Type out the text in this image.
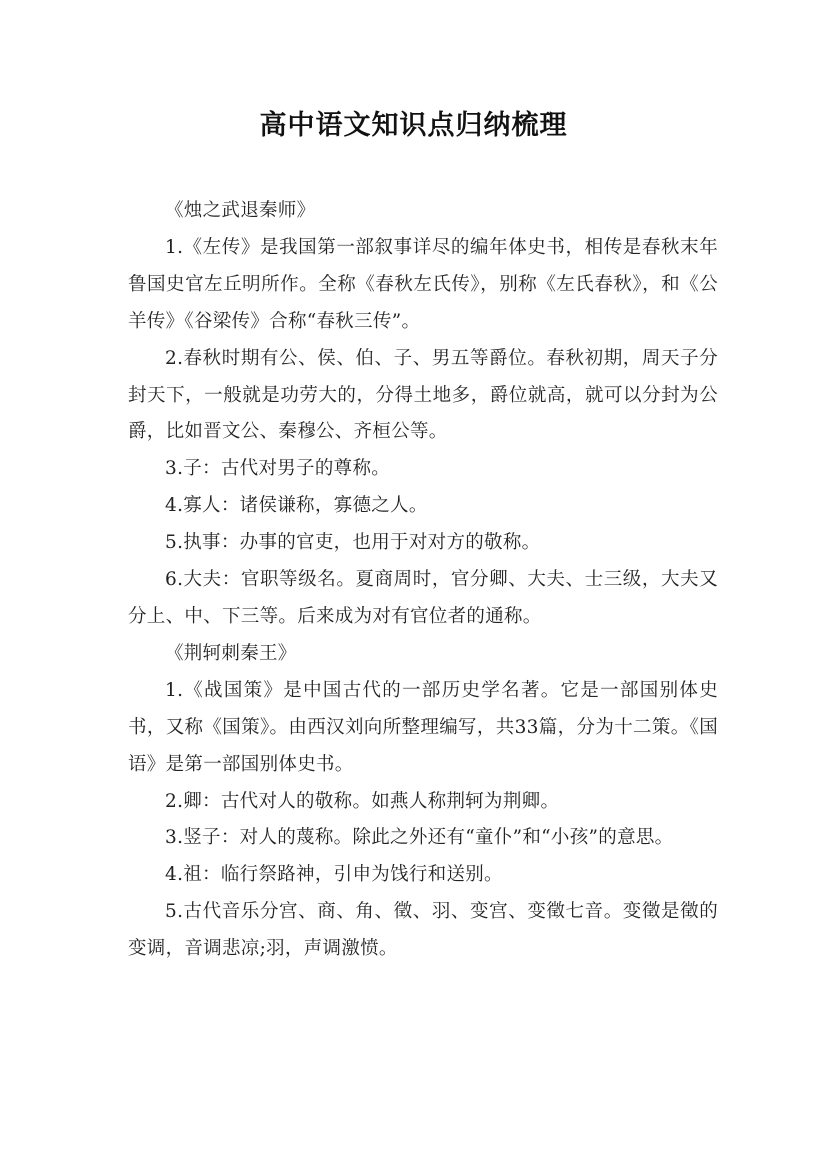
高中语文知识点归纳梳理

《烛之武退秦师》

1.《左传》是我国第一部叙事详尽的编年体史书，相传是春秋末年鲁国史官左丘明所作。全称《春秋左氏传》，别称《左氏春秋》，和《公羊传》《谷梁传》合称“春秋三传”。

2.春秋时期有公、侯、伯、子、男五等爵位。春秋初期，周天子分封天下，一般就是功劳大的，分得土地多，爵位就高，就可以分封为公爵，比如晋文公、秦穆公、齐桓公等。

3.子：古代对男子的尊称。

4.寡人：诸侯谦称，寡德之人。

5.执事：办事的官吏，也用于对对方的敬称。

6.大夫：官职等级名。夏商周时，官分卿、大夫、士三级，大夫又分上、中、下三等。后来成为对有官位者的通称。

《荆轲刺秦王》

1.《战国策》是中国古代的一部历史学名著。它是一部国别体史书，又称《国策》。由西汉刘向所整理编写，共33篇，分为十二策。《国语》是第一部国别体史书。

2.卿：古代对人的敬称。如燕人称荆轲为荆卿。

3.竖子：对人的蔑称。除此之外还有“童仆”和“小孩”的意思。

4.祖：临行祭路神，引申为饯行和送别。

5.古代音乐分宫、商、角、徵、羽、变宫、变徵七音。变徵是徵的变调，音调悲凉;羽，声调激愤。
